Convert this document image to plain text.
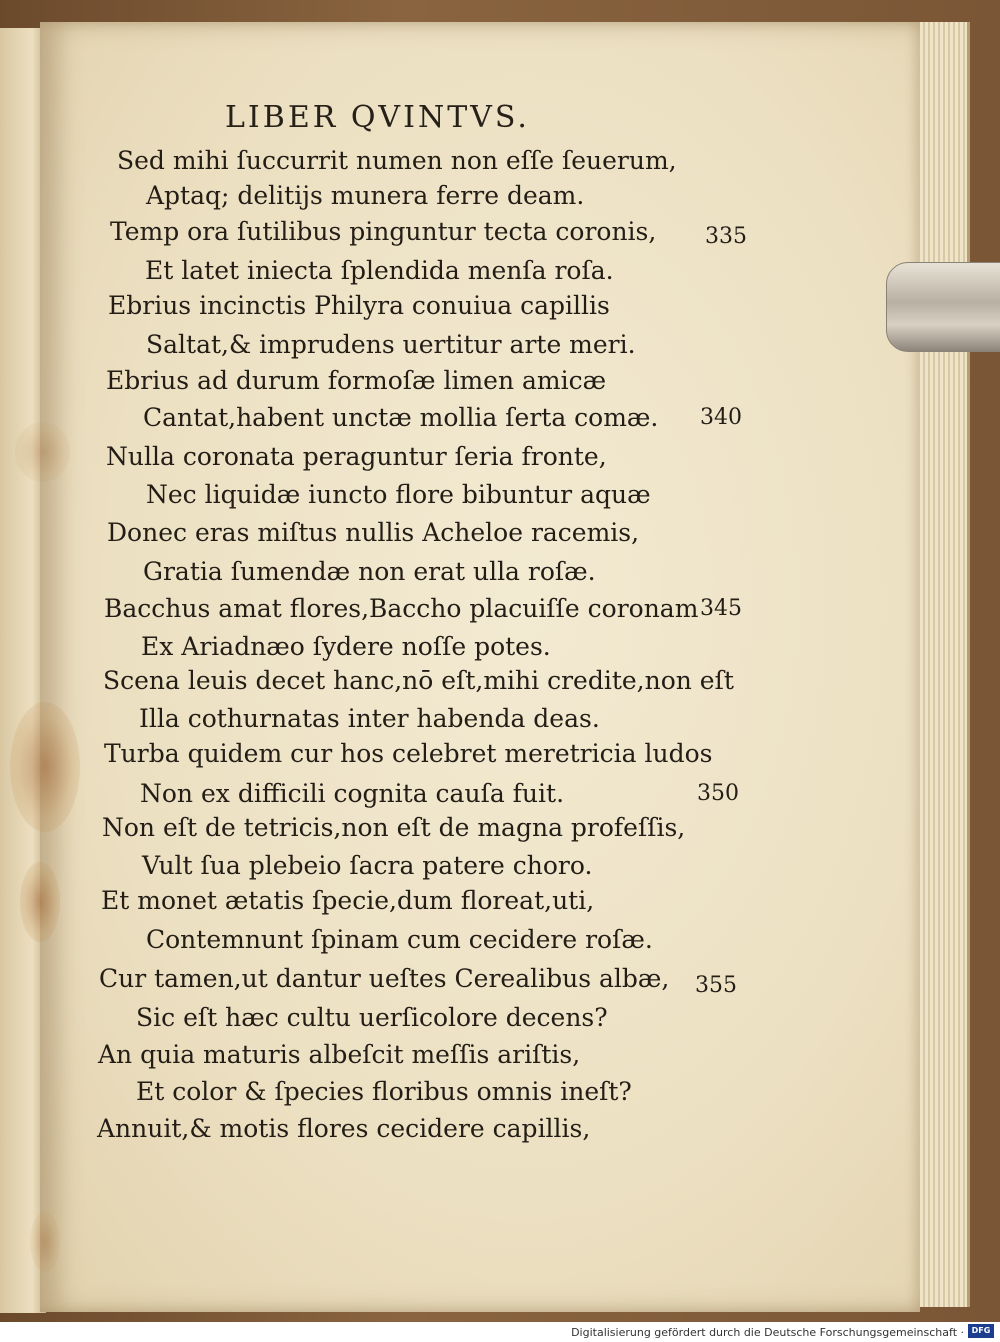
LIBER QVINTVS.
Sed mihi ſuccurrit numen non eſſe ſeuerum,
Aptaq; delitijs munera ferre deam.
Temp ora ſutilibus pinguntur tecta coronis,
Et latet iniecta ſplendida menſa roſa.
Ebrius incinctis Philyra conuiua capillis
Saltat,& imprudens uertitur arte meri.
Ebrius ad durum formoſæ limen amicæ
Cantat,habent unctæ mollia ſerta comæ.
Nulla coronata peraguntur ſeria fronte,
Nec liquidæ iuncto flore bibuntur aquæ
Donec eras miſtus nullis Acheloe racemis,
Gratia ſumendæ non erat ulla roſæ.
Bacchus amat flores,Baccho placuiſſe coronam
Ex Ariadnæo ſydere noſſe potes.
Scena leuis decet hanc,nō eſt,mihi credite,non eſt
Illa cothurnatas inter habenda deas.
Turba quidem cur hos celebret meretricia ludos
Non ex difficili cognita cauſa fuit.
Non eſt de tetricis,non eſt de magna profeſſis,
Vult ſua plebeio ſacra patere choro.
Et monet ætatis ſpecie,dum floreat,uti,
Contemnunt ſpinam cum cecidere roſæ.
Cur tamen,ut dantur ueſtes Cerealibus albæ,
Sic eſt hæc cultu uerſicolore decens?
An quia maturis albeſcit meſſis ariſtis,
Et color & ſpecies floribus omnis ineſt?
Annuit,& motis flores cecidere capillis,
335
340
345
350
355
Digitalisierung gefördert durch die Deutsche Forschungsgemeinschaft · DFG
